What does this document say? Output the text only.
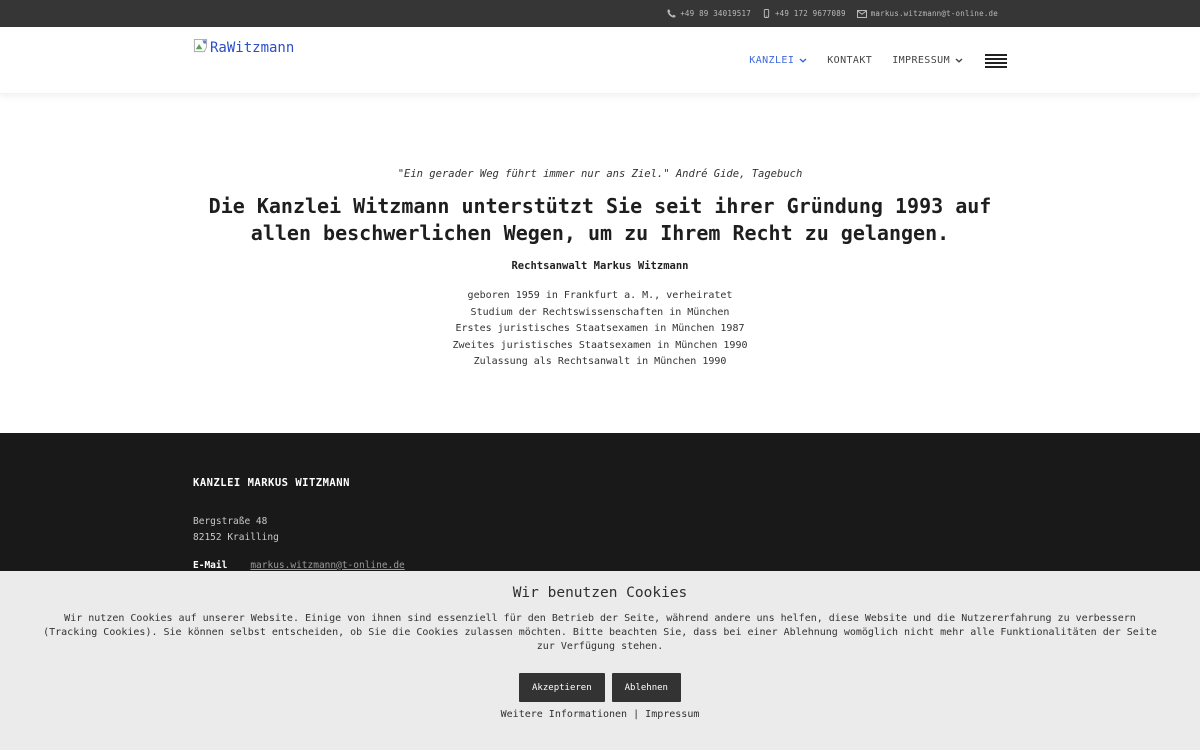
+49 89 34019517	+49 172 9677089	markus.witzmann@t-online.de
RaWitzmann
KANZLEI	KONTAKT IMPRESSUM
"Ein gerader Weg führt immer nur ans Ziel." André Gide, Tagebuch
Die Kanzlei Witzmann unterstützt Sie seit ihrer Gründung 1993 auf allen beschwerlichen Wegen, um zu Ihrem Recht zu gelangen.
Rechtsanwalt Markus Witzmann
geboren 1959 in Frankfurt a. M., verheiratet
Studium der Rechtswissenschaften in München
Erstes juristisches Staatsexamen in München 1987
Zweites juristisches Staatsexamen in München 1990
Zulassung als Rechtsanwalt in München 1990
KANZLEI MARKUS WITZMANN
Bergstraße 48
82152 Krailling
E-Mail markus.witzmann@t-online.de
Wir benutzen Cookies
Wir nutzen Cookies auf unserer Website. Einige von ihnen sind essenziell für den Betrieb der Seite, während andere uns helfen, diese Website und die Nutzererfahrung zu verbessern (Tracking Cookies). Sie können selbst entscheiden, ob Sie die Cookies zulassen möchten. Bitte beachten Sie, dass bei einer Ablehnung womöglich nicht mehr alle Funktionalitäten der Seite zur Verfügung stehen.
Akzeptieren	Ablehnen
Weitere Informationen | Impressum
